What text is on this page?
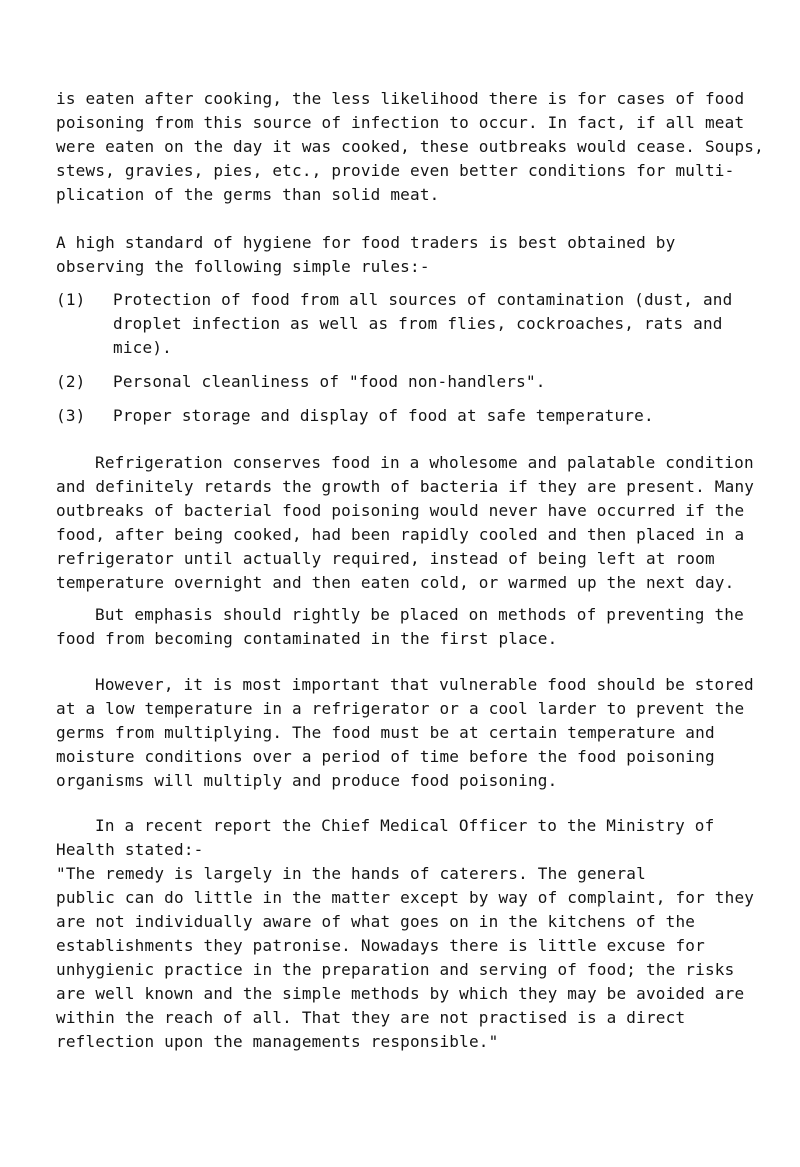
is eaten after cooking, the less likelihood there is for cases of food
poisoning from this source of infection to occur. In fact, if all meat
were eaten on the day it was cooked, these outbreaks would cease. Soups,
stews, gravies, pies, etc., provide even better conditions for multi-
plication of the germs than solid meat.
A high standard of hygiene for food traders is best obtained by
observing the following simple rules:-
(1) Protection of food from all sources of contamination (dust, and
droplet infection as well as from flies, cockroaches, rats and
mice).
(2) Personal cleanliness of "food non-handlers".
(3) Proper storage and display of food at safe temperature.
Refrigeration conserves food in a wholesome and palatable condition
and definitely retards the growth of bacteria if they are present. Many
outbreaks of bacterial food poisoning would never have occurred if the
food, after being cooked, had been rapidly cooled and then placed in a
refrigerator until actually required, instead of being left at room
temperature overnight and then eaten cold, or warmed up the next day.
But emphasis should rightly be placed on methods of preventing the
food from becoming contaminated in the first place.
However, it is most important that vulnerable food should be stored
at a low temperature in a refrigerator or a cool larder to prevent the
germs from multiplying. The food must be at certain temperature and
moisture conditions over a period of time before the food poisoning
organisms will multiply and produce food poisoning.
In a recent report the Chief Medical Officer to the Ministry of
Health stated:-
"The remedy is largely in the hands of caterers. The general
public can do little in the matter except by way of complaint, for they
are not individually aware of what goes on in the kitchens of the
establishments they patronise. Nowadays there is little excuse for
unhygienic practice in the preparation and serving of food; the risks
are well known and the simple methods by which they may be avoided are
within the reach of all. That they are not practised is a direct
reflection upon the managements responsible."
